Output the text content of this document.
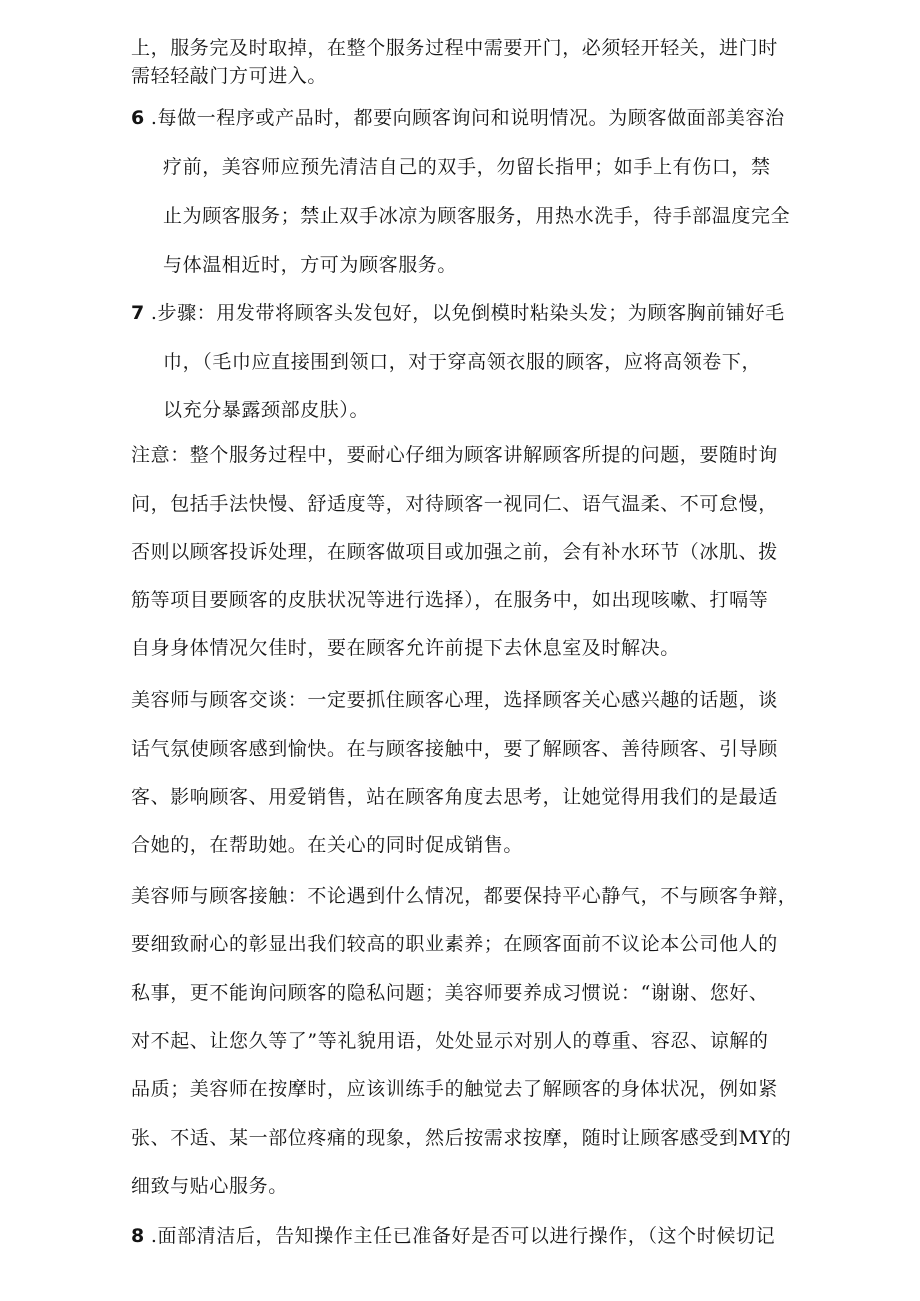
上，服务完及时取掉，在整个服务过程中需要开门，必须轻开轻关，进门时
需轻轻敲门方可进入。
6 .每做一程序或产品时，都要向顾客询问和说明情况。为顾客做面部美容治
疗前，美容师应预先清洁自己的双手，勿留长指甲；如手上有伤口，禁
止为顾客服务；禁止双手冰凉为顾客服务，用热水洗手，待手部温度完全
与体温相近时，方可为顾客服务。
7 .步骤：用发带将顾客头发包好，以免倒模时粘染头发；为顾客胸前铺好毛
巾，（毛巾应直接围到领口，对于穿高领衣服的顾客，应将高领卷下，
以充分暴露颈部皮肤）。
注意：整个服务过程中，要耐心仔细为顾客讲解顾客所提的问题，要随时询
问，包括手法快慢、舒适度等，对待顾客一视同仁、语气温柔、不可怠慢，
否则以顾客投诉处理，在顾客做项目或加强之前，会有补水环节（冰肌、拨
筋等项目要顾客的皮肤状况等进行选择），在服务中，如出现咳嗽、打嗝等
自身身体情况欠佳时，要在顾客允许前提下去休息室及时解决。
美容师与顾客交谈：一定要抓住顾客心理，选择顾客关心感兴趣的话题，谈
话气氛使顾客感到愉快。在与顾客接触中，要了解顾客、善待顾客、引导顾
客、影响顾客、用爱销售，站在顾客角度去思考，让她觉得用我们的是最适
合她的，在帮助她。在关心的同时促成销售。
美容师与顾客接触：不论遇到什么情况，都要保持平心静气，不与顾客争辩，
要细致耐心的彰显出我们较高的职业素养；在顾客面前不议论本公司他人的
私事，更不能询问顾客的隐私问题；美容师要养成习惯说：“谢谢、您好、
对不起、让您久等了”等礼貌用语，处处显示对别人的尊重、容忍、谅解的
品质；美容师在按摩时，应该训练手的触觉去了解顾客的身体状况，例如紧
张、不适、某一部位疼痛的现象，然后按需求按摩，随时让顾客感受到MY的
细致与贴心服务。
8 .面部清洁后，告知操作主任已准备好是否可以进行操作，（这个时候切记
